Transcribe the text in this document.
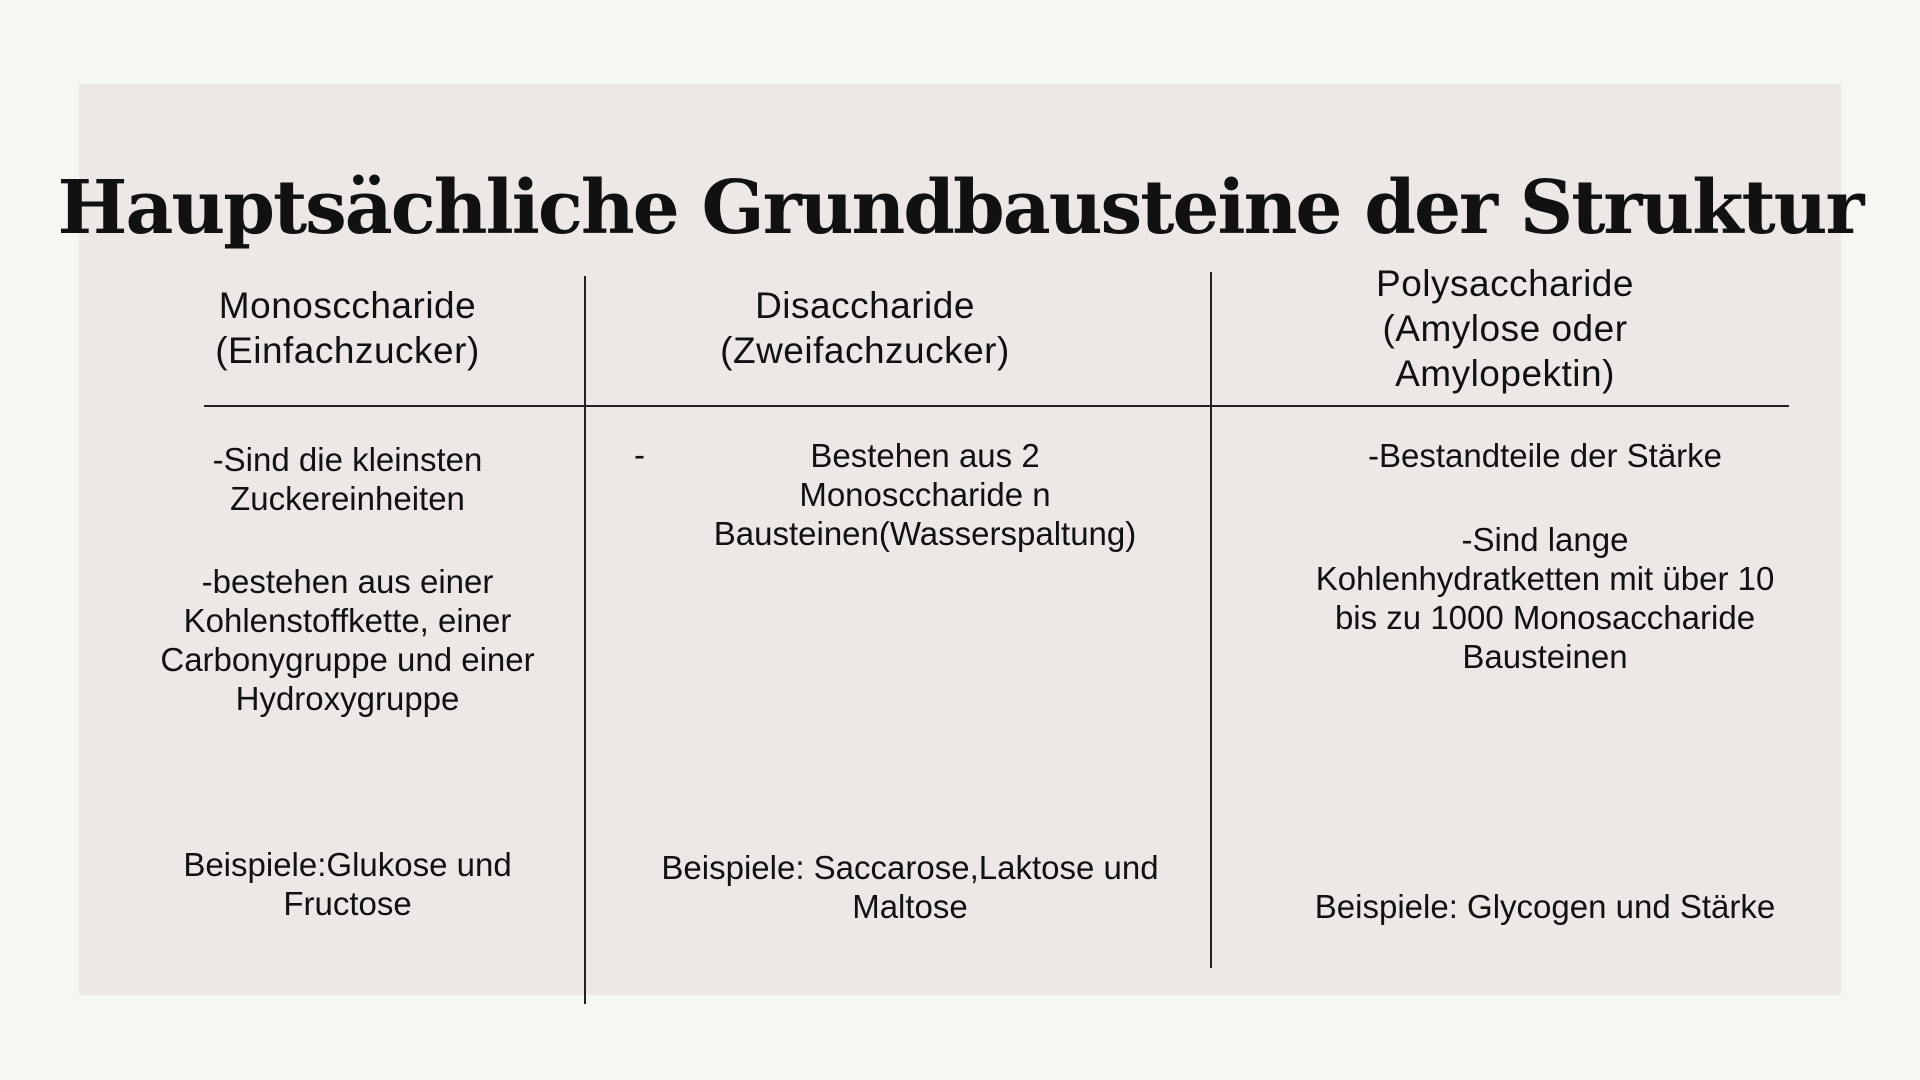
Hauptsächliche Grundbausteine der Struktur
Monosccharide
(Einfachzucker)
-Sind die kleinsten
Zuckereinheiten
-bestehen aus einer
Kohlenstoffkette, einer
Carbonygruppe und einer
Hydroxygruppe
Beispiele:Glukose und
Fructose
Disaccharide
(Zweifachzucker)
-	Bestehen aus 2
Monosccharide n
Bausteinen(Wasserspaltung)
Beispiele: Saccarose,Laktose und
Maltose
Polysaccharide
(Amylose oder
Amylopektin)
-Bestandteile der Stärke
-Sind lange
Kohlenhydratketten mit über 10
bis zu 1000 Monosaccharide
Bausteinen
Beispiele: Glycogen und Stärke
